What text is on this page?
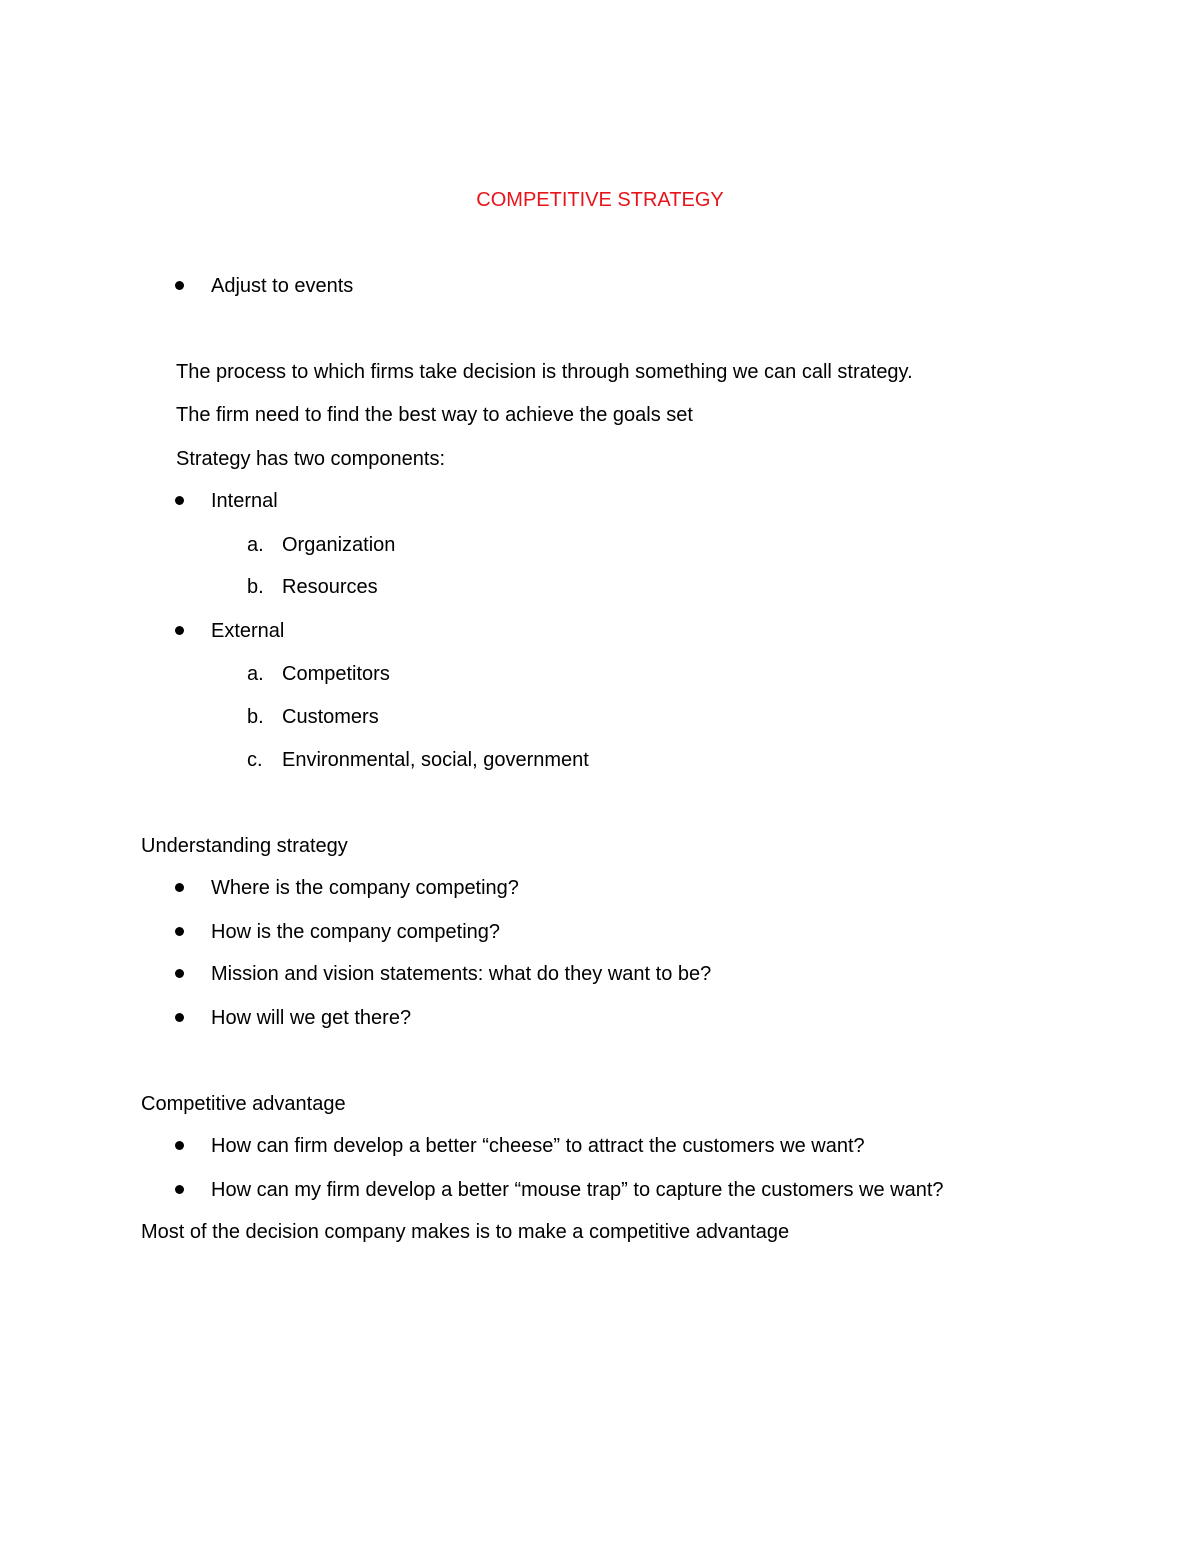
COMPETITIVE STRATEGY
Adjust to events
The process to which firms take decision is through something we can call strategy.
The firm need to find the best way to achieve the goals set
Strategy has two components:
Internal
a. Organization
b. Resources
External
a. Competitors
b. Customers
c. Environmental, social, government
Understanding strategy
Where is the company competing?
How is the company competing?
Mission and vision statements: what do they want to be?
How will we get there?
Competitive advantage
How can firm develop a better “cheese” to attract the customers we want?
How can my firm develop a better “mouse trap” to capture the customers we want?
Most of the decision company makes is to make a competitive advantage
